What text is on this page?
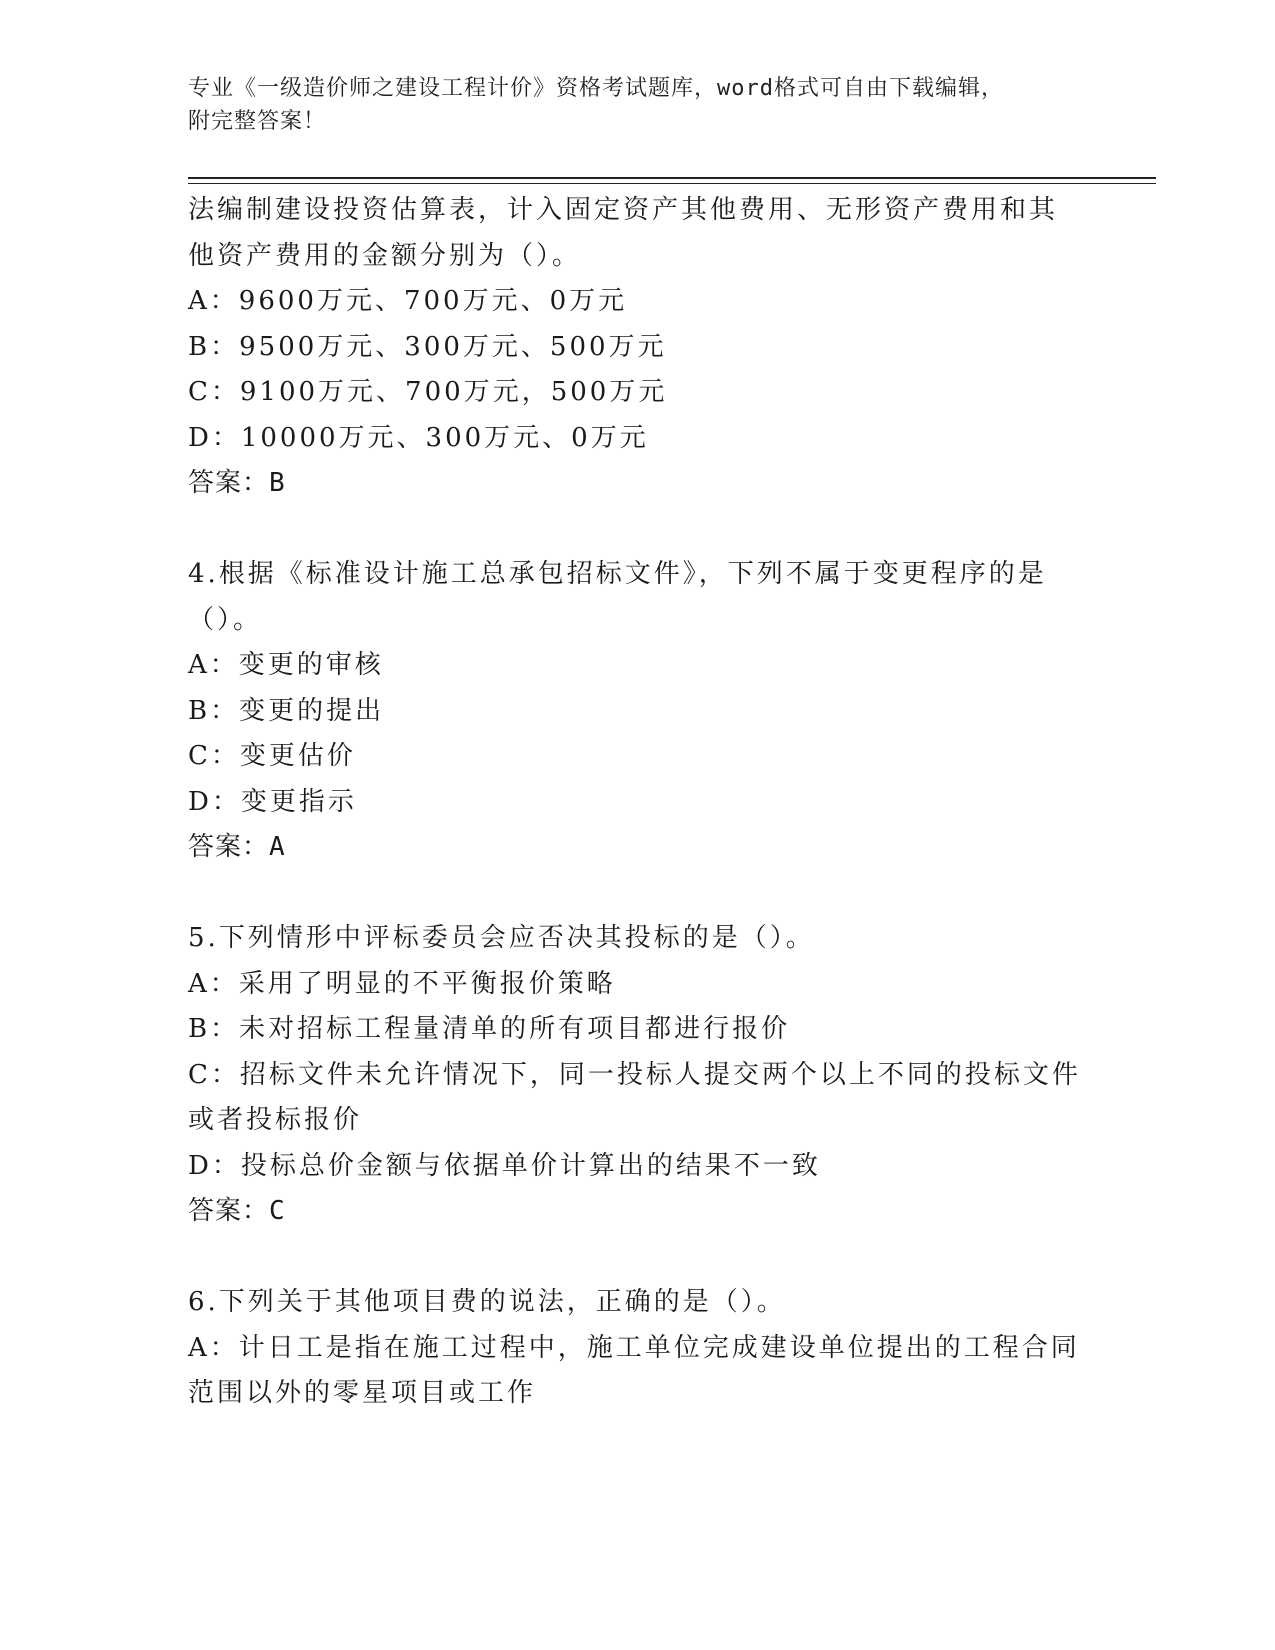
专业《一级造价师之建设工程计价》资格考试题库，word格式可自由下载编辑，
附完整答案！
法编制建设投资估算表，计入固定资产其他费用、无形资产费用和其
他资产费用的金额分别为（）。
A：9600万元、700万元、0万元
B：9500万元、300万元、500万元
C：9100万元、700万元，500万元
D：10000万元、300万元、0万元
答案：B
4.根据《标准设计施工总承包招标文件》，下列不属于变更程序的是
（）。
A：变更的审核
B：变更的提出
C：变更估价
D：变更指示
答案：A
5.下列情形中评标委员会应否决其投标的是（）。
A：采用了明显的不平衡报价策略
B：未对招标工程量清单的所有项目都进行报价
C：招标文件未允许情况下，同一投标人提交两个以上不同的投标文件
或者投标报价
D：投标总价金额与依据单价计算出的结果不一致
答案：C
6.下列关于其他项目费的说法，正确的是（）。
A：计日工是指在施工过程中，施工单位完成建设单位提出的工程合同
范围以外的零星项目或工作
